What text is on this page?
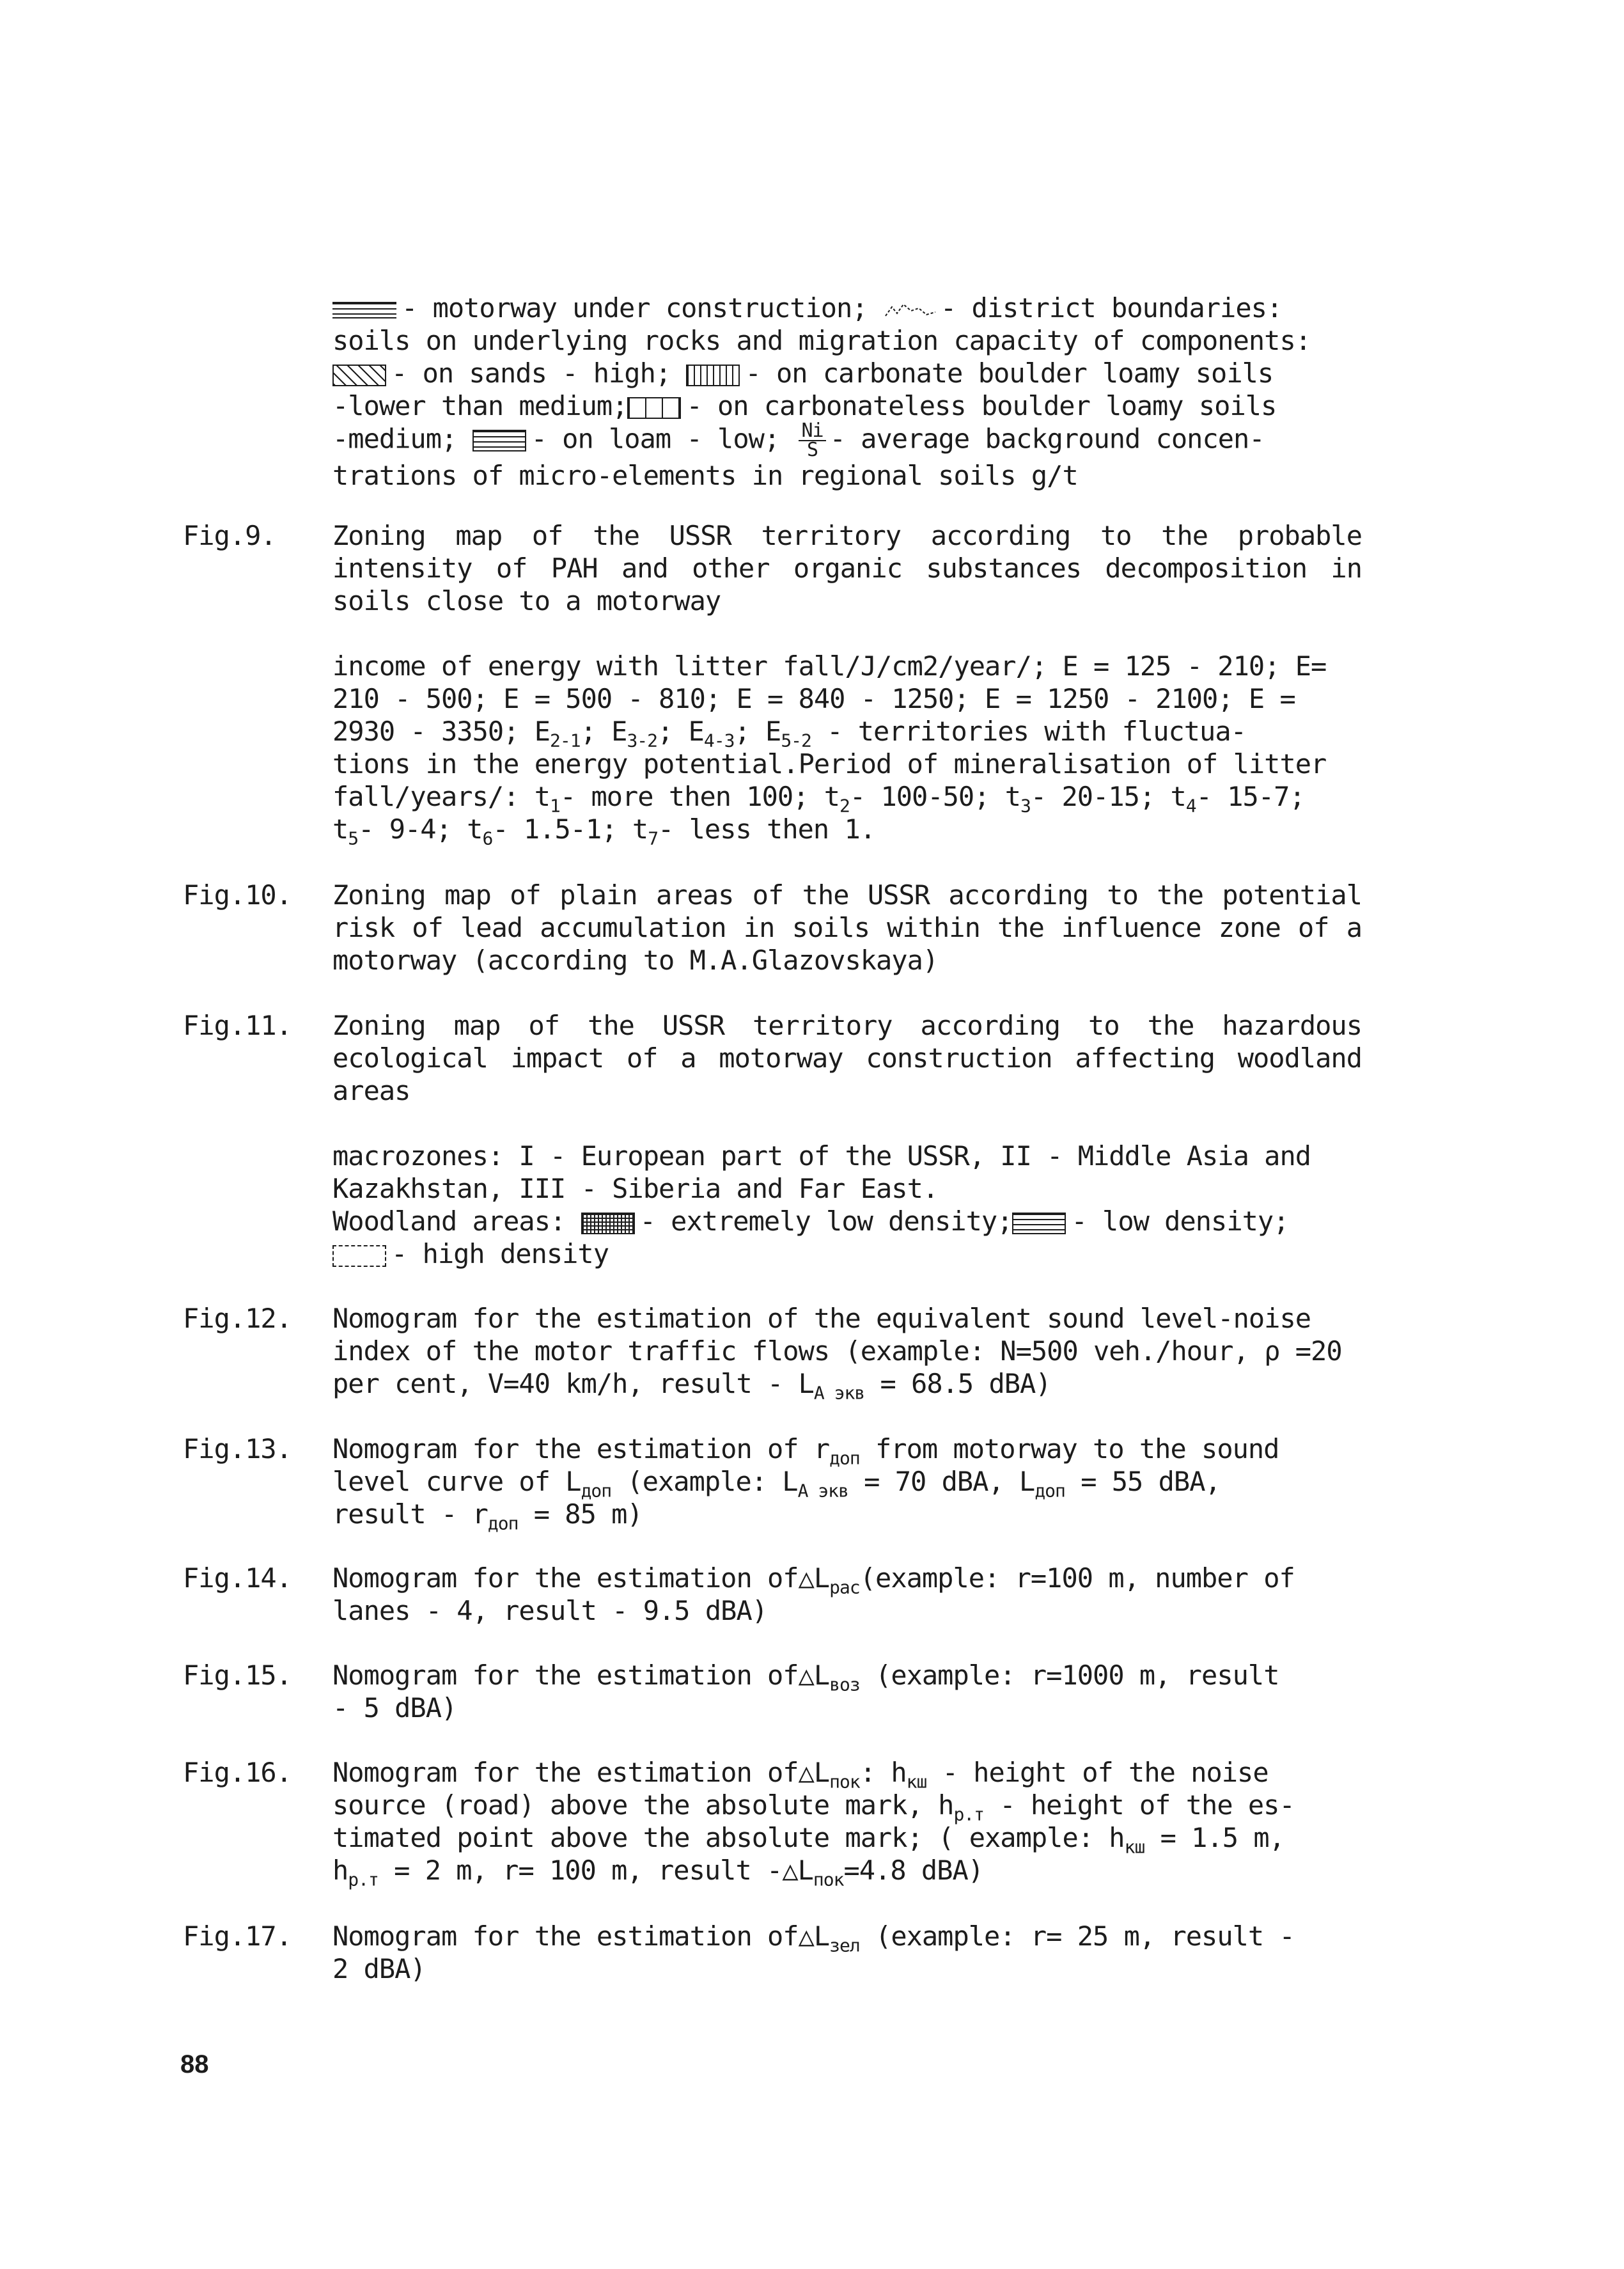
- motorway under construction;	- district boundaries:
soils on underlying rocks and migration capacity of components:
- on sands - high;	- on carbonate boulder loamy soils
-lower than medium; - on carbonateless boulder loamy soils
-medium;	- on loam - low; $\frac{Ni}{S}$ - average background concen-
trations of micro-elements in regional soils g/t
Fig.9.	Zoning map of the USSR territory according to the probable intensity of PAH and other organic substances decomposition in soils close to a motorway
income of energy with litter fall/J/cm2/year/; E = 125 - 210; E=
210 - 500; E = 500 - 810; E = 840 - 1250; E = 1250 - 2100; E =
2930 - 3350; $E_{2-1}$; $E_{3-2}$; $E_{4-3}$; $E_{5-2}$ - territories with fluctua-
tions in the energy potential.Period of mineralisation of litter
fall/years/: $t_1-$ more then 100; $t_2-$ 100-50; $t_3-$ 20-15; $t_4-$ 15-7;
$t_5-$ 9-4; $t_6-$ 1.5-1; $t_7-$ less then 1.
Fig.10.	Zoning map of plain areas of the USSR according to the potential risk of lead accumulation in soils within the influence zone of a motorway (according to M.A.Glazovskaya)
Fig.11.	Zoning map of the USSR territory according to the hazardous ecological impact of a motorway construction affecting woodland areas
macrozones: I - European part of the USSR, II - Middle Asia and
Kazakhstan, III - Siberia and Far East.
Woodland areas:	- extremely low density; - low density;
- high density
Fig.12.	Nomogram for the estimation of the equivalent sound level-noise
index of the motor traffic flows (example: N=500 veh./hour, ρ =20
per cent, V=40 km/h, result - $L_{A экв} = 68.5$ dBA)
Fig.13.	Nomogram for the estimation of $r_{доп}$ from motorway to the sound
level curve of $L_{доп}$ (example: $L_{A экв} = 70$ dBA, $L_{доп} = 55$ dBA,
result - $r_{доп} = 85$ m)
Fig.14.	Nomogram for the estimation $of\triangle L_{рас}(example$: r=100 m, number of
lanes - 4, result - 9.5 dBA)
Fig.15.	Nomogram for the estimation $of\triangle L_{воз}$ (example: r=1000 m, result
- 5 dBA)
Fig.16.	Nomogram for the estimation $of\triangle L_{пок}$: $h_{кш}$ - height of the noise
source (road) above the absolute mark, $h_{р.т}$ - height of the es-
timated point above the absolute mark; ( example: $h_{кш} = 1.5$ m,
$h_{р.т} = 2$ m, r= 100 m, result $-\triangle L_{пок}=4.8$ dBA)
Fig.17.	Nomogram for the estimation $of\triangle L_{зел}$ (example: r= 25 m, result -
2 dBA)
88
